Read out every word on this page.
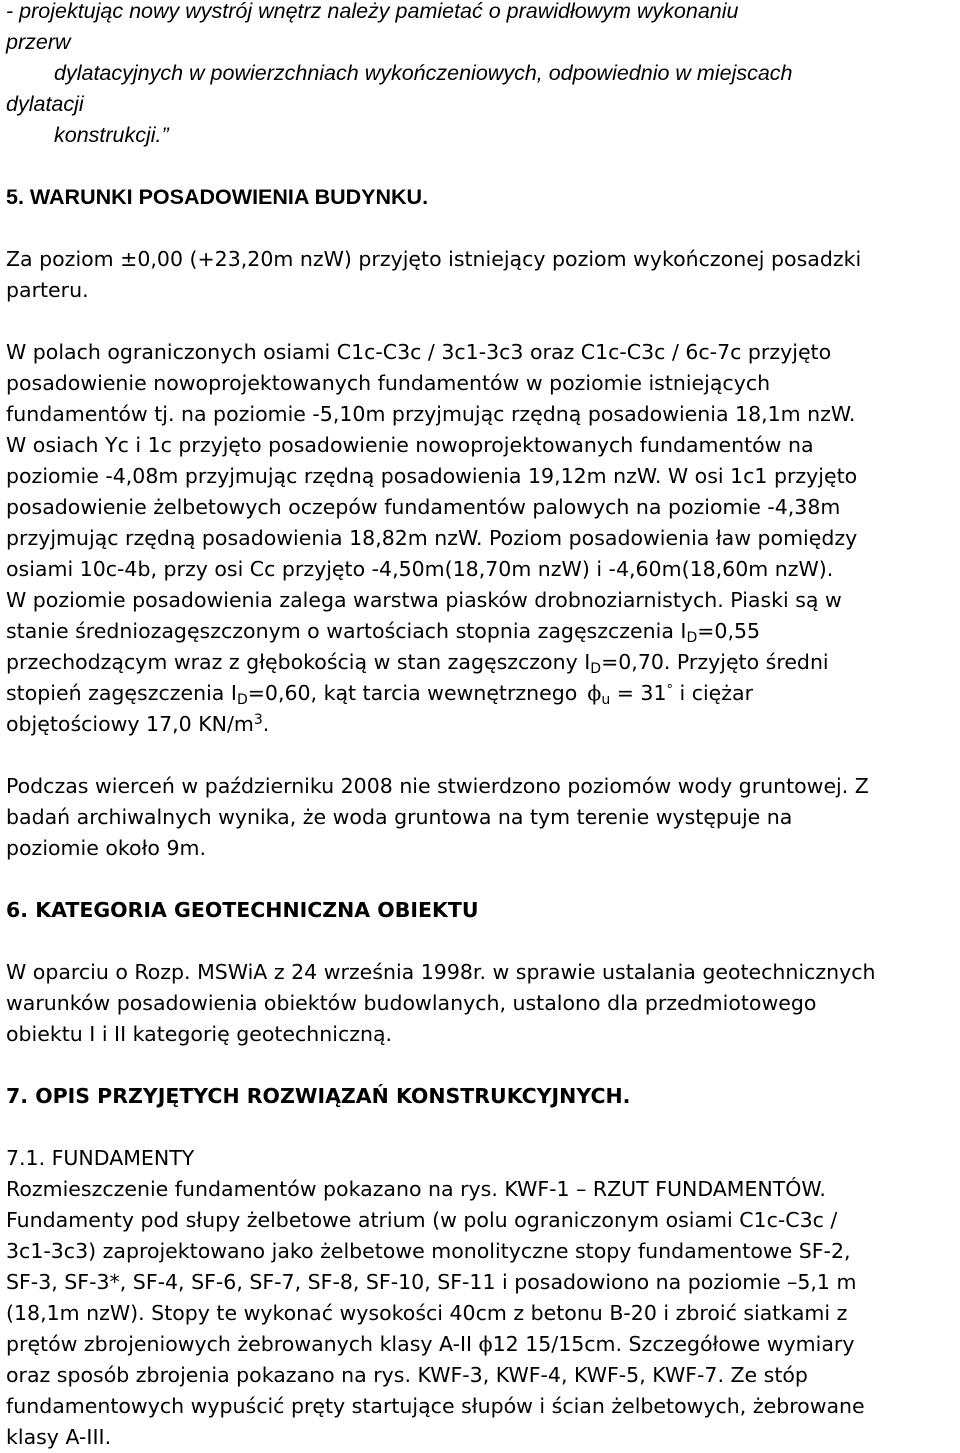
- projektując nowy wystrój wnętrz należy pamietać o prawidłowym wykonaniu

przerw

dylatacyjnych w powierzchniach wykończeniowych, odpowiednio w miejscach

dylatacji

konstrukcji.”

5. WARUNKI POSADOWIENIA BUDYNKU.

Za poziom ±0,00 (+23,20m nzW) przyjęto istniejący poziom wykończonej posadzki

parteru.

W polach ograniczonych osiami C1c-C3c / 3c1-3c3 oraz C1c-C3c / 6c-7c przyjęto

posadowienie nowoprojektowanych fundamentów w poziomie istniejących

fundamentów tj. na poziomie -5,10m przyjmując rzędną posadowienia 18,1m nzW.

W osiach Yc i 1c przyjęto posadowienie nowoprojektowanych fundamentów na

poziomie -4,08m przyjmując rzędną posadowienia 19,12m nzW. W osi 1c1 przyjęto

posadowienie żelbetowych oczepów fundamentów palowych na poziomie -4,38m

przyjmując rzędną posadowienia 18,82m nzW. Poziom posadowienia ław pomiędzy

osiami 10c-4b, przy osi Cc przyjęto -4,50m(18,70m nzW) i -4,60m(18,60m nzW).

W poziomie posadowienia zalega warstwa piasków drobnoziarnistych. Piaski są w

stanie średniozagęszczonym o wartościach stopnia zagęszczenia $I_D=0,55$

przechodzącym wraz z głębokością w stan zagęszczony $I_D=0,70$. Przyjęto średni

stopień zagęszczenia $I_D=0,60$, kąt tarcia wewnętrznego $\phi_u = 31^\circ$ i ciężar

objętościowy 17,0 $KN/m^3$.

Podczas wierceń w październiku 2008 nie stwierdzono poziomów wody gruntowej. Z

badań archiwalnych wynika, że woda gruntowa na tym terenie występuje na

poziomie około 9m.

6. KATEGORIA GEOTECHNICZNA OBIEKTU

W oparciu o Rozp. MSWiA z 24 września 1998r. w sprawie ustalania geotechnicznych

warunków posadowienia obiektów budowlanych, ustalono dla przedmiotowego

obiektu I i II kategorię geotechniczną.

7. OPIS PRZYJĘTYCH ROZWIĄZAŃ KONSTRUKCYJNYCH.

7.1. FUNDAMENTY

Rozmieszczenie fundamentów pokazano na rys. KWF-1 – RZUT FUNDAMENTÓW.

Fundamenty pod słupy żelbetowe atrium (w polu ograniczonym osiami C1c-C3c /

3c1-3c3) zaprojektowano jako żelbetowe monolityczne stopy fundamentowe SF-2,

SF-3, SF-3*, SF-4, SF-6, SF-7, SF-8, SF-10, SF-11 i posadowiono na poziomie –5,1 m

(18,1m nzW). Stopy te wykonać wysokości 40cm z betonu B-20 i zbroić siatkami z

prętów zbrojeniowych żebrowanych klasy A-II ϕ12 15/15cm. Szczegółowe wymiary

oraz sposób zbrojenia pokazano na rys. KWF-3, KWF-4, KWF-5, KWF-7. Ze stóp

fundamentowych wypuścić pręty startujące słupów i ścian żelbetowych, żebrowane

klasy A-III.
